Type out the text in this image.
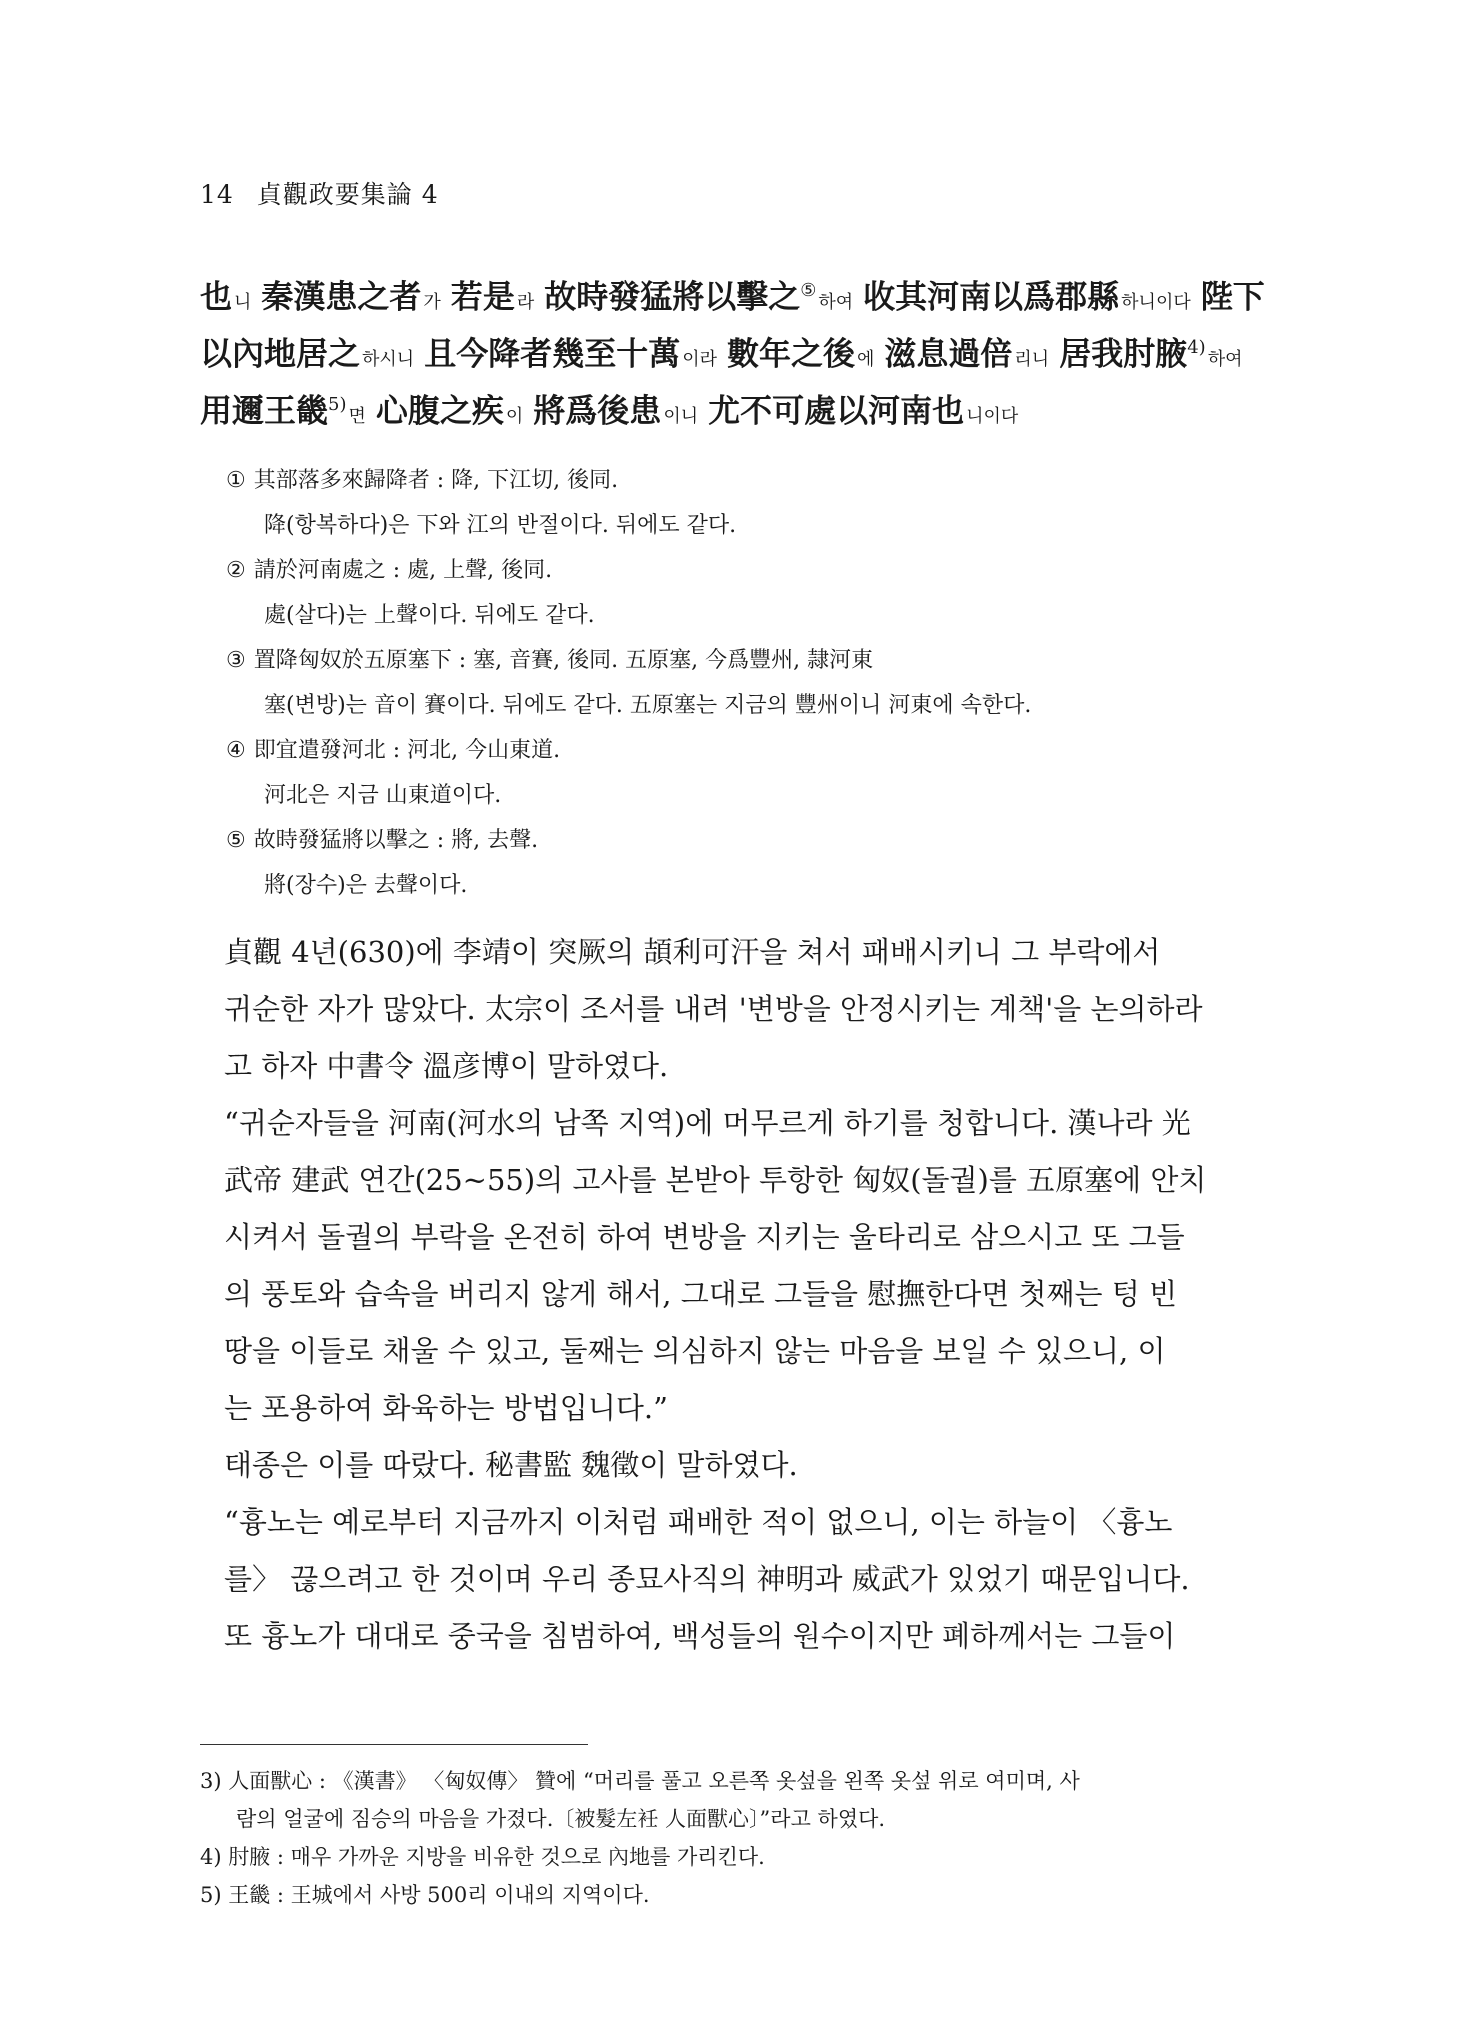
14 貞觀政要集論 4
也니 秦漢患之者 가 若是 라 故時發猛將以擊之⑤하여 收其河南以爲郡縣 하니이다 陛下
以內地居之 하시니 且今降者幾至十萬 이라 數年之後 에 滋息過倍 리니 居我肘腋$^{4)}$하여
用邇王畿$^{5)}$면 心腹之疾 이 將爲後患 이니 尤不可處以河南也 니이다
① 其部落多來歸降者 : 降, 下江切, 後同.
降(항복하다)은 下와 江의 반절이다. 뒤에도 같다.
② 請於河南處之 : 處, 上聲, 後同.
處(살다)는 上聲이다. 뒤에도 같다.
③ 置降匈奴於五原塞下 : 塞, 音賽, 後同. 五原塞, 今爲豐州, 隷河東
塞(변방)는 音이 賽이다. 뒤에도 같다. 五原塞는 지금의 豐州이니 河東에 속한다.
④ 即宜遣發河北 : 河北, 今山東道.
河北은 지금 山東道이다.
⑤ 故時發猛將以擊之 : 將, 去聲.
將(장수)은 去聲이다.
貞觀 4년(630)에 李靖이 突厥의 頡利可汗을 쳐서 패배시키니 그 부락에서
귀순한 자가 많았다. 太宗이 조서를 내려 '변방을 안정시키는 계책'을 논의하라
고 하자 中書令 溫彦博이 말하였다.
“귀순자들을 河南(河水의 남쪽 지역)에 머무르게 하기를 청합니다. 漢나라 光
武帝 建武 연간(25~55)의 고사를 본받아 투항한 匈奴(돌궐)를 五原塞에 안치
시켜서 돌궐의 부락을 온전히 하여 변방을 지키는 울타리로 삼으시고 또 그들
의 풍토와 습속을 버리지 않게 해서, 그대로 그들을 慰撫한다면 첫째는 텅 빈
땅을 이들로 채울 수 있고, 둘째는 의심하지 않는 마음을 보일 수 있으니, 이
는 포용하여 화육하는 방법입니다.”
태종은 이를 따랐다. 秘書監 魏徵이 말하였다.
“흉노는 예로부터 지금까지 이처럼 패배한 적이 없으니, 이는 하늘이 〈흉노
를〉 끊으려고 한 것이며 우리 종묘사직의 神明과 威武가 있었기 때문입니다.
또 흉노가 대대로 중국을 침범하여, 백성들의 원수이지만 폐하께서는 그들이
3) 人面獸心 : 《漢書》 〈匈奴傳〉 贊에 “머리를 풀고 오른쪽 옷섶을 왼쪽 옷섶 위로 여미며, 사
람의 얼굴에 짐승의 마음을 가졌다.〔被髮左衽 人面獸心〕”라고 하였다.
4) 肘腋 : 매우 가까운 지방을 비유한 것으로 內地를 가리킨다.
5) 王畿 : 王城에서 사방 500리 이내의 지역이다.
